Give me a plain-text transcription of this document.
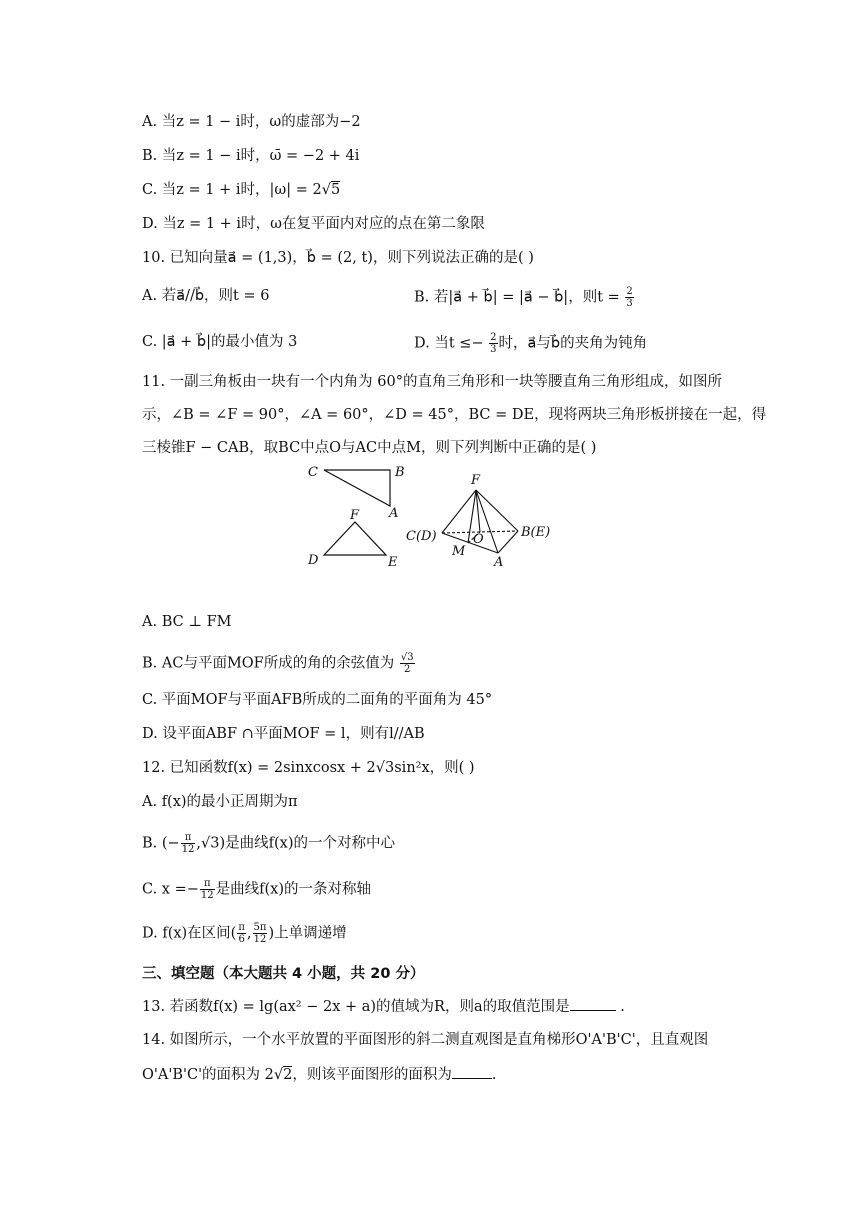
A. 当z = 1 − i时，ω的虚部为−2
B. 当z = 1 − i时，ω̄ = −2 + 4i
C. 当z = 1 + i时，|ω| = 2√5
D. 当z = 1 + i时，ω在复平面内对应的点在第二象限
10. 已知向量a⃗ = (1,3)，b⃗ = (2, t)，则下列说法正确的是( )
A. 若a⃗//b⃗，则t = 6	B. 若|a⃗ + b⃗| = |a⃗ − b⃗|，则$t = \frac{2}{3}$
C. |a⃗ + b⃗|的最小值为 3	D. 当$t \le- \frac{2}{3}$ 时，a⃗与b⃗的夹角为钝角
11. 一副三角板由一块有一个内角为 60°的直角三角形和一块等腰直角三角形组成，如图所
示，∠B = ∠F = 90°，∠A = 60°，∠D = 45°，BC = DE，现将两块三角形板拼接在一起，得
三棱锥F − CAB，取BC中点O与AC中点M，则下列判断中正确的是( )
C	B
A
F
D	E
F
C(D)	B(E)
O
M
A
A. BC ⊥ FM
B. AC与平面MOF所成的角的余弦值为 $\frac{√3}{2}$
C. 平面MOF与平面AFB所成的二面角的平面角为 45°
D. 设平面ABF ∩平面MOF = l，则有l//AB
12. 已知函数f(x) = 2sinxcosx + 2√3sin²x，则( )
A. f(x)的最小正周期为π
B. (− $\frac{\pi}{12} ,√3$)是曲线f(x)的一个对称中心
C. $x =- \frac{\pi}{12}$ 是曲线f(x)的一条对称轴
D. f(x)在区间( $\frac{\pi}{6}$ , $\frac{5\pi}{12}$ )上单调递增
三、填空题（本大题共 4 小题，共 20 分）
13. 若函数f(x) = lg(ax² − 2x + a)的值域为R，则a的取值范围是	.
14. 如图所示，一个水平放置的平面图形的斜二测直观图是直角梯形O'A'B'C'，且直观图
O'A'B'C'的面积为 2√2，则该平面图形的面积为	.
